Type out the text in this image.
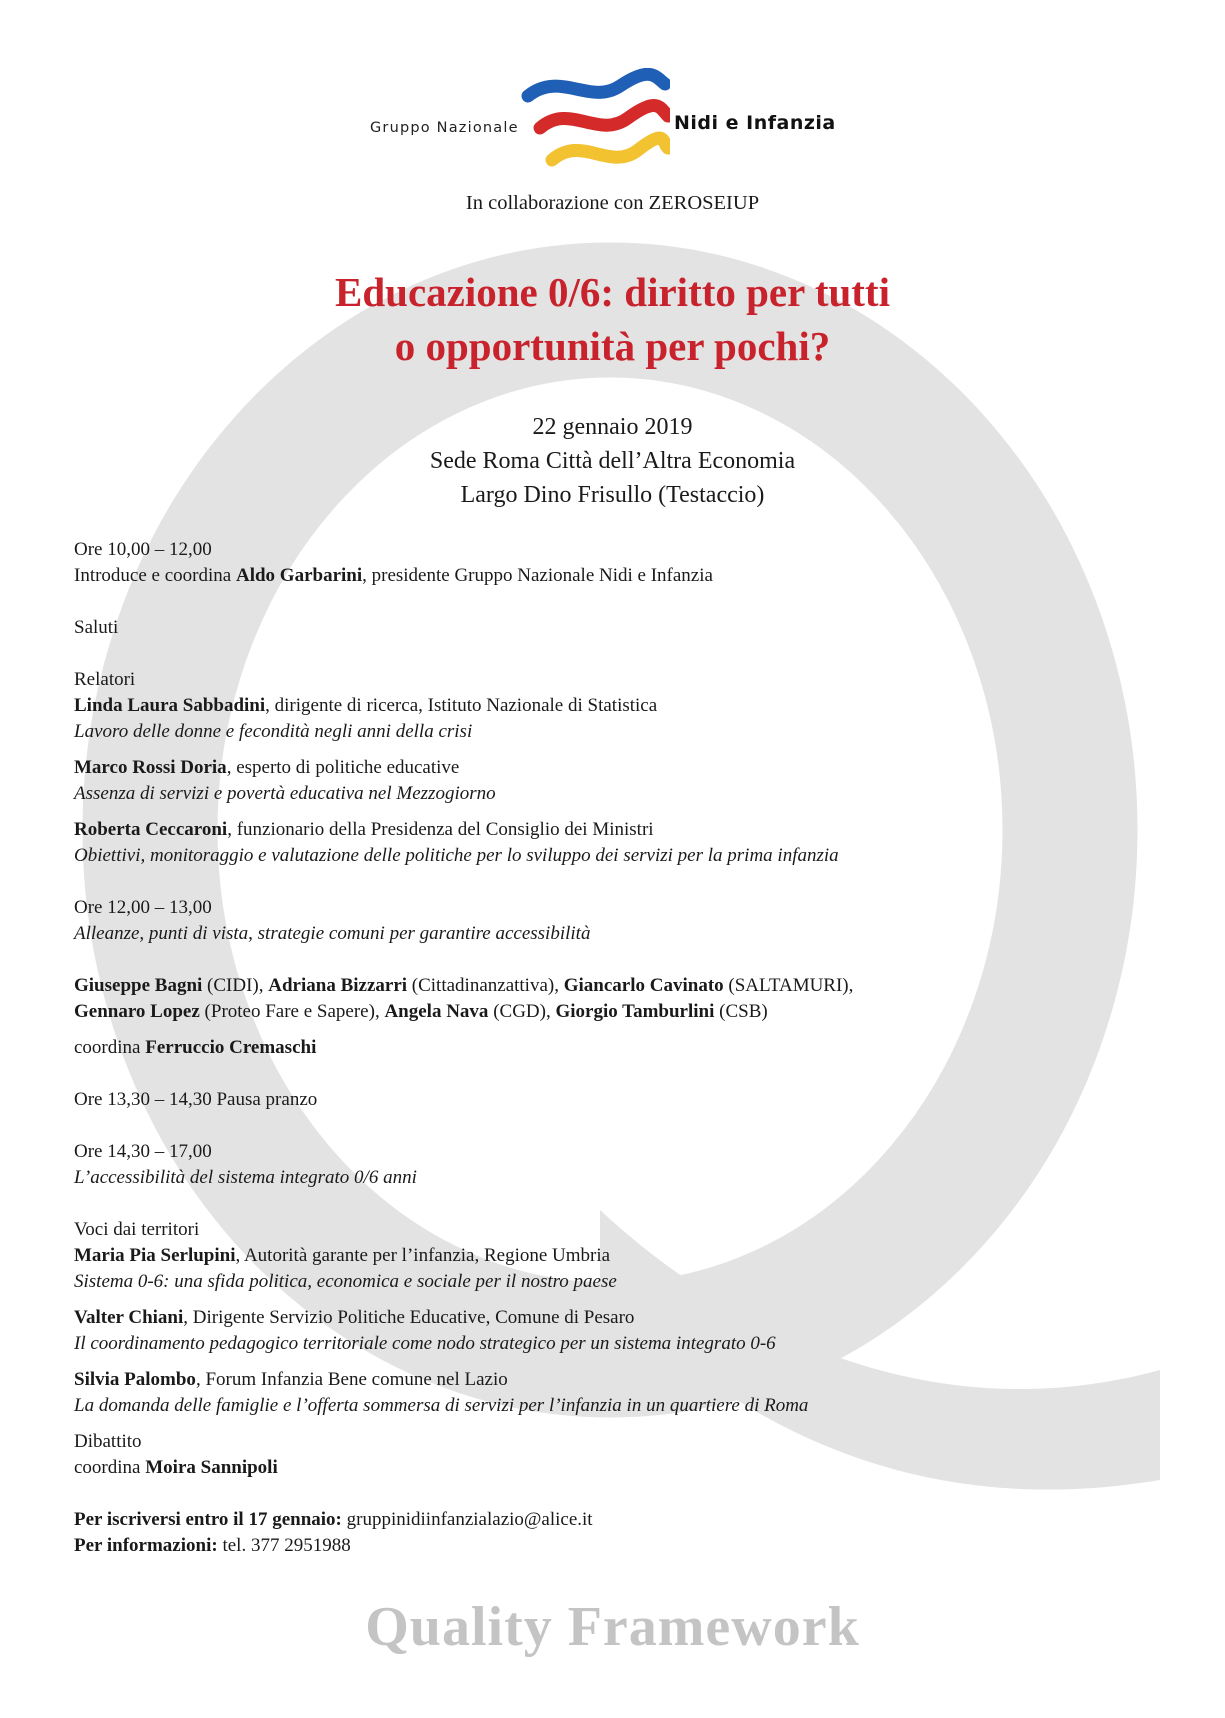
Gruppo Nazionale	Nidi e Infanzia
In collaborazione con ZEROSEIUP
Educazione 0/6: diritto per tutti
o opportunità per pochi?
22 gennaio 2019
Sede Roma Città dell’Altra Economia
Largo Dino Frisullo (Testaccio)
Ore 10,00 – 12,00
Introduce e coordina Aldo Garbarini, presidente Gruppo Nazionale Nidi e Infanzia
Saluti
Relatori
Linda Laura Sabbadini, dirigente di ricerca, Istituto Nazionale di Statistica
Lavoro delle donne e fecondità negli anni della crisi
Marco Rossi Doria, esperto di politiche educative
Assenza di servizi e povertà educativa nel Mezzogiorno
Roberta Ceccaroni, funzionario della Presidenza del Consiglio dei Ministri
Obiettivi, monitoraggio e valutazione delle politiche per lo sviluppo dei servizi per la prima infanzia
Ore 12,00 – 13,00
Alleanze, punti di vista, strategie comuni per garantire accessibilità
Giuseppe Bagni (CIDI), Adriana Bizzarri (Cittadinanzattiva), Giancarlo Cavinato (SALTAMURI),
Gennaro Lopez (Proteo Fare e Sapere), Angela Nava (CGD), Giorgio Tamburlini (CSB)
coordina Ferruccio Cremaschi
Ore 13,30 – 14,30 Pausa pranzo
Ore 14,30 – 17,00
L’accessibilità del sistema integrato 0/6 anni
Voci dai territori
Maria Pia Serlupini, Autorità garante per l’infanzia, Regione Umbria
Sistema 0-6: una sfida politica, economica e sociale per il nostro paese
Valter Chiani, Dirigente Servizio Politiche Educative, Comune di Pesaro
Il coordinamento pedagogico territoriale come nodo strategico per un sistema integrato 0-6
Silvia Palombo, Forum Infanzia Bene comune nel Lazio
La domanda delle famiglie e l’offerta sommersa di servizi per l’infanzia in un quartiere di Roma
Dibattito
coordina Moira Sannipoli
Per iscriversi entro il 17 gennaio: gruppinidiinfanzialazio@alice.it
Per informazioni: tel. 377 2951988
Quality Framework
